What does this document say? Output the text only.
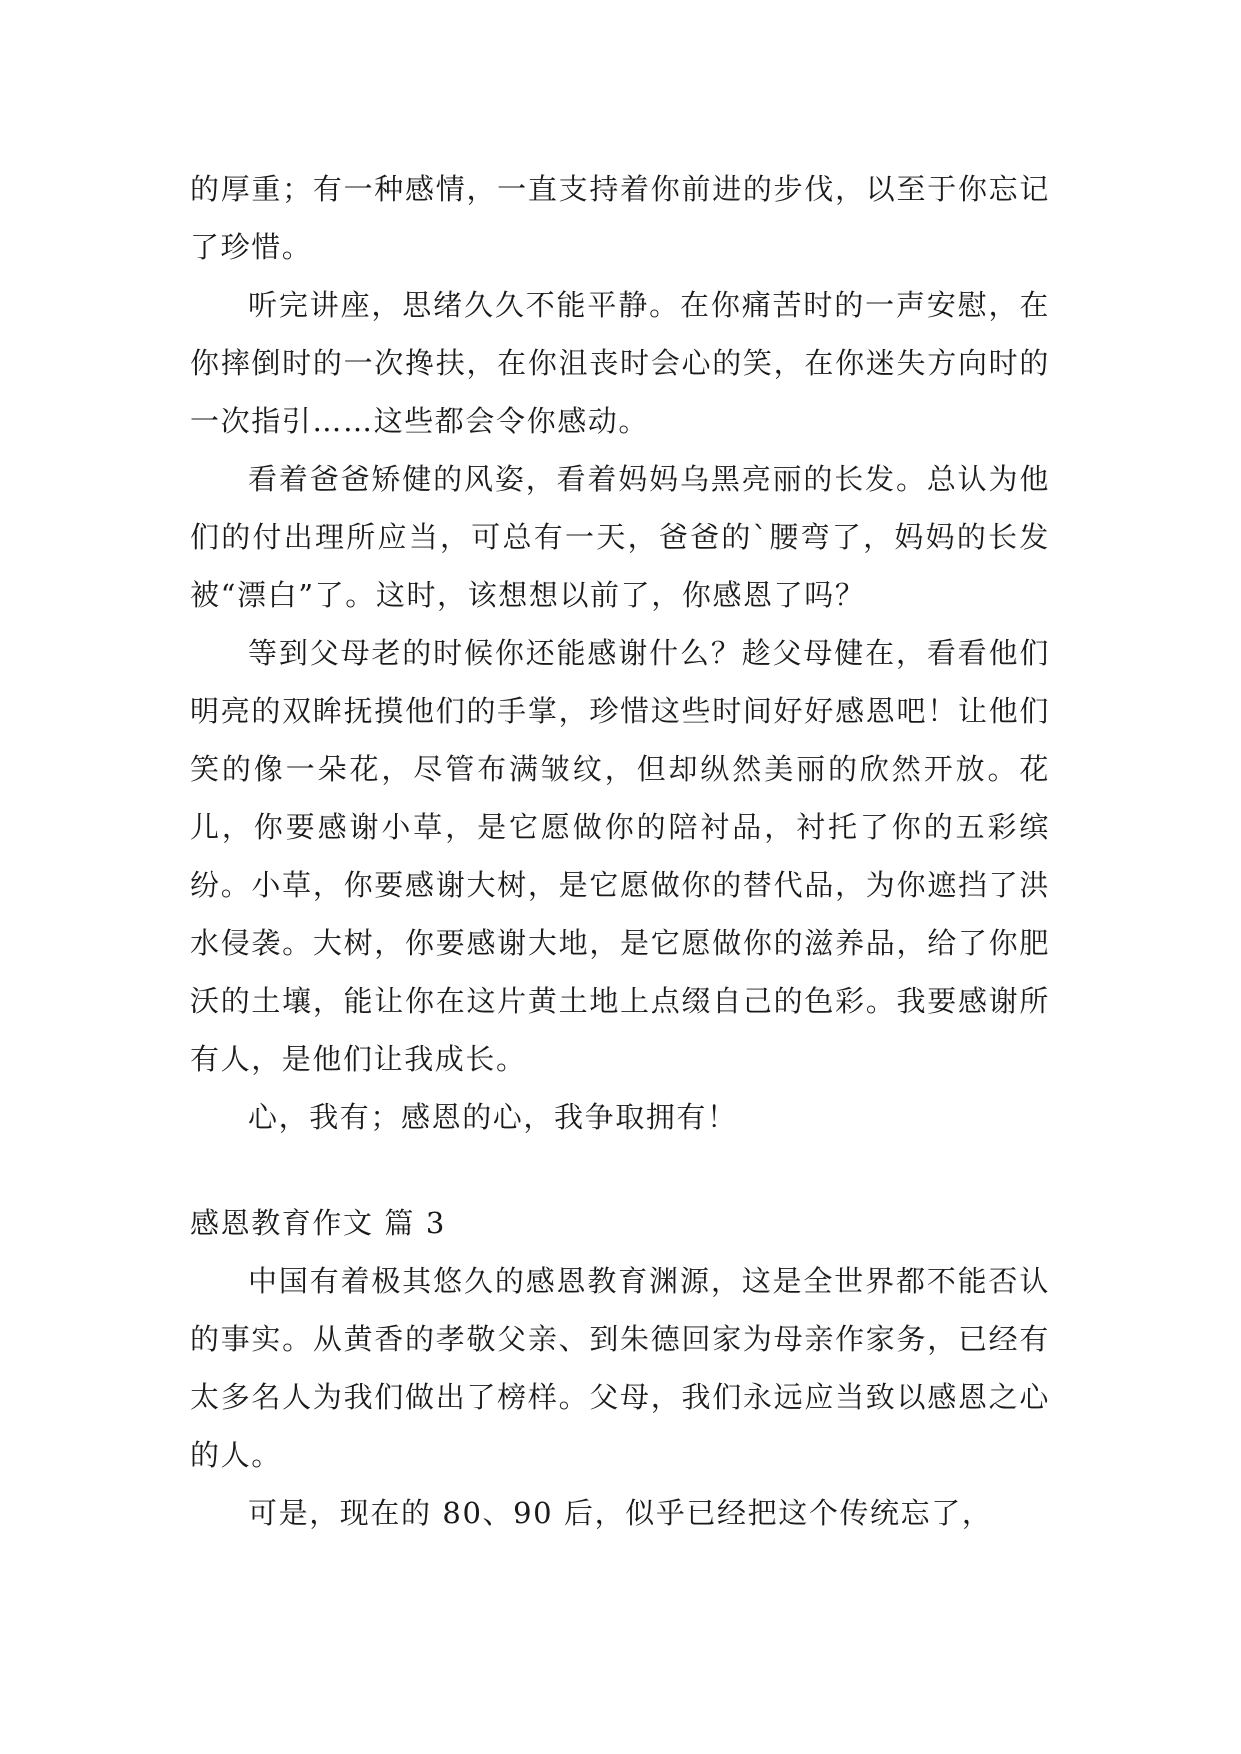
的厚重；有一种感情，一直支持着你前进的步伐，以至于你忘记了珍惜。

听完讲座，思绪久久不能平静。在你痛苦时的一声安慰，在你摔倒时的一次搀扶，在你沮丧时会心的笑，在你迷失方向时的一次指引……这些都会令你感动。

看着爸爸矫健的风姿，看着妈妈乌黑亮丽的长发。总认为他们的付出理所应当，可总有一天，爸爸的`腰弯了，妈妈的长发被“漂白”了。这时，该想想以前了，你感恩了吗？

等到父母老的时候你还能感谢什么？趁父母健在，看看他们明亮的双眸抚摸他们的手掌，珍惜这些时间好好感恩吧！让他们笑的像一朵花，尽管布满皱纹，但却纵然美丽的欣然开放。花儿，你要感谢小草，是它愿做你的陪衬品，衬托了你的五彩缤纷。小草，你要感谢大树，是它愿做你的替代品，为你遮挡了洪水侵袭。大树，你要感谢大地，是它愿做你的滋养品，给了你肥沃的土壤，能让你在这片黄土地上点缀自己的色彩。我要感谢所有人，是他们让我成长。

心，我有；感恩的心，我争取拥有！

感恩教育作文 篇 3

中国有着极其悠久的感恩教育渊源，这是全世界都不能否认的事实。从黄香的孝敬父亲、到朱德回家为母亲作家务，已经有太多名人为我们做出了榜样。父母，我们永远应当致以感恩之心的人。

可是，现在的 80、90 后，似乎已经把这个传统忘了，
